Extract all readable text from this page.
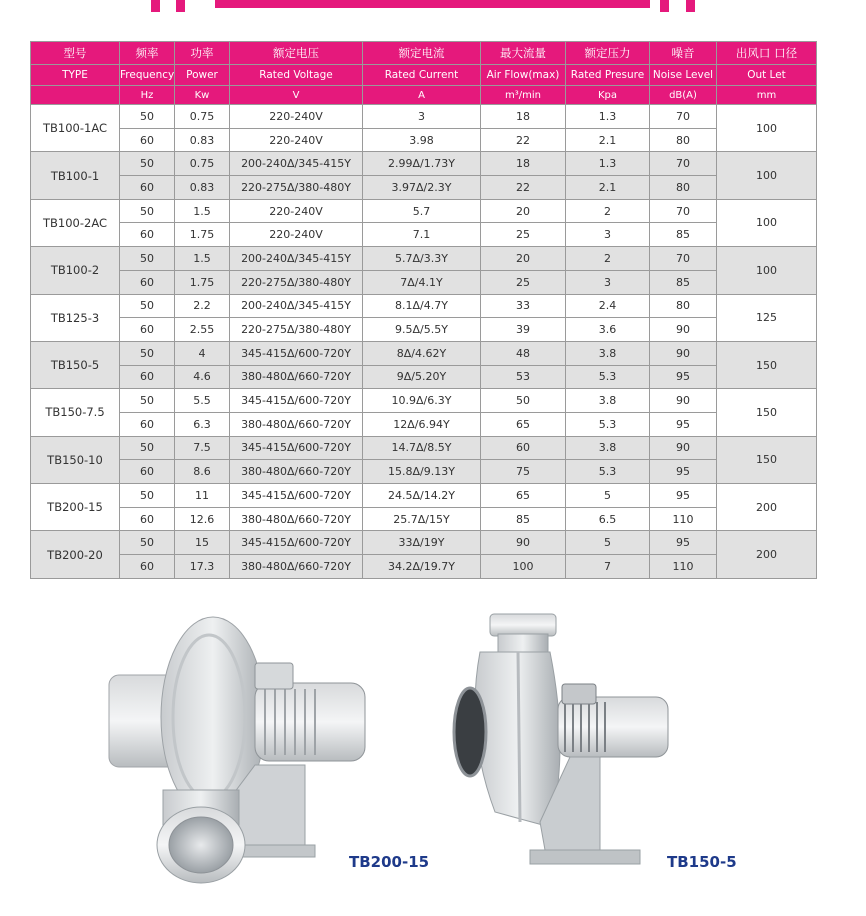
型号	频率	功率	额定电压	额定电流	最大流量	额定压力	噪音	出风口 口径
TYPE	Frequency	Power	Rated Voltage	Rated Current	Air Flow(max)	Rated Presure	Noise Level	Out Let
	Hz	Kw	V	A	m³/min	Kpa	dB(A)	mm
TB100-1AC	50	0.75	220-240V	3	18	1.3	70	100
	60	0.83	220-240V	3.98	22	2.1	80	
TB100-1	50	0.75	200-240Δ/345-415Y	2.99Δ/1.73Y	18	1.3	70	100
	60	0.83	220-275Δ/380-480Y	3.97Δ/2.3Y	22	2.1	80	
TB100-2AC	50	1.5	220-240V	5.7	20	2	70	100
	60	1.75	220-240V	7.1	25	3	85	
TB100-2	50	1.5	200-240Δ/345-415Y	5.7Δ/3.3Y	20	2	70	100
	60	1.75	220-275Δ/380-480Y	7Δ/4.1Y	25	3	85	
TB125-3	50	2.2	200-240Δ/345-415Y	8.1Δ/4.7Y	33	2.4	80	125
	60	2.55	220-275Δ/380-480Y	9.5Δ/5.5Y	39	3.6	90	
TB150-5	50	4	345-415Δ/600-720Y	8Δ/4.62Y	48	3.8	90	150
	60	4.6	380-480Δ/660-720Y	9Δ/5.20Y	53	5.3	95	
TB150-7.5	50	5.5	345-415Δ/600-720Y	10.9Δ/6.3Y	50	3.8	90	150
	60	6.3	380-480Δ/660-720Y	12Δ/6.94Y	65	5.3	95	
TB150-10	50	7.5	345-415Δ/600-720Y	14.7Δ/8.5Y	60	3.8	90	150
	60	8.6	380-480Δ/660-720Y	15.8Δ/9.13Y	75	5.3	95	
TB200-15	50	11	345-415Δ/600-720Y	24.5Δ/14.2Y	65	5	95	200
	60	12.6	380-480Δ/660-720Y	25.7Δ/15Y	85	6.5	110	
TB200-20	50	15	345-415Δ/600-720Y	33Δ/19Y	90	5	95	200
	60	17.3	380-480Δ/660-720Y	34.2Δ/19.7Y	100	7	110	
TB200-15	TB150-5
